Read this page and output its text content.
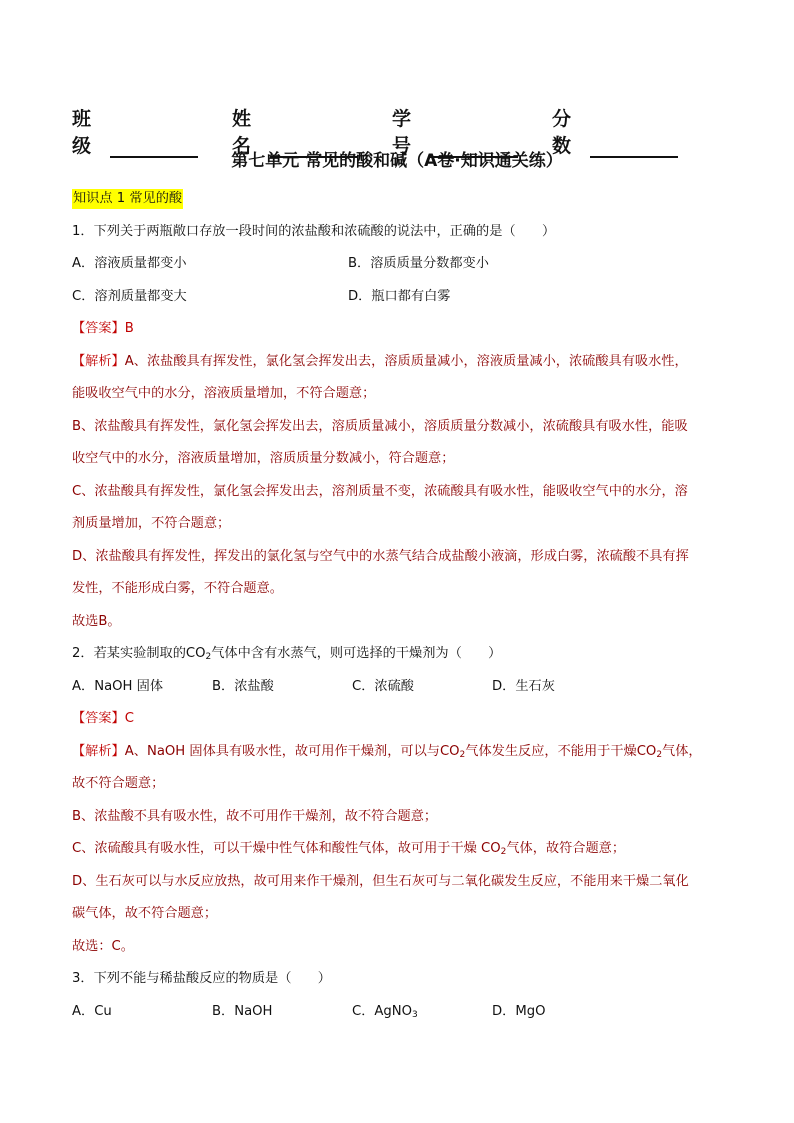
班级
姓名
学号
分数
第七单元 常见的酸和碱（A卷·知识通关练）
知识点 1 常见的酸
1．下列关于两瓶敞口存放一段时间的浓盐酸和浓硫酸的说法中，正确的是（　　）
A．溶液质量都变小	B．溶质质量分数都变小
C．溶剂质量都变大	D．瓶口都有白雾
【答案】B
【解析】A、浓盐酸具有挥发性，氯化氢会挥发出去，溶质质量减小，溶液质量减小，浓硫酸具有吸水性，
能吸收空气中的水分，溶液质量增加，不符合题意；
B、浓盐酸具有挥发性，氯化氢会挥发出去，溶质质量减小，溶质质量分数减小，浓硫酸具有吸水性，能吸
收空气中的水分，溶液质量增加，溶质质量分数减小，符合题意；
C、浓盐酸具有挥发性，氯化氢会挥发出去，溶剂质量不变，浓硫酸具有吸水性，能吸收空气中的水分，溶
剂质量增加，不符合题意；
D、浓盐酸具有挥发性，挥发出的氯化氢与空气中的水蒸气结合成盐酸小液滴，形成白雾，浓硫酸不具有挥
发性，不能形成白雾，不符合题意。
故选B。
2．若某实验制取的$CO_2$气体中含有水蒸气，则可选择的干燥剂为（　　）
A．NaOH 固体	B．浓盐酸	C．浓硫酸	D．生石灰
【答案】C
【解析】A、NaOH 固体具有吸水性，故可用作干燥剂，可以与$CO_2$气体发生反应，不能用于干燥$CO_2$气体，
故不符合题意；
B、浓盐酸不具有吸水性，故不可用作干燥剂，故不符合题意；
C、浓硫酸具有吸水性，可以干燥中性气体和酸性气体，故可用于干燥 $CO_2$气体，故符合题意；
D、生石灰可以与水反应放热，故可用来作干燥剂，但生石灰可与二氧化碳发生反应，不能用来干燥二氧化
碳气体，故不符合题意；
故选：C。
3．下列不能与稀盐酸反应的物质是（　　）
A．Cu	B．NaOH	C．AgNO$_3$	D．MgO
